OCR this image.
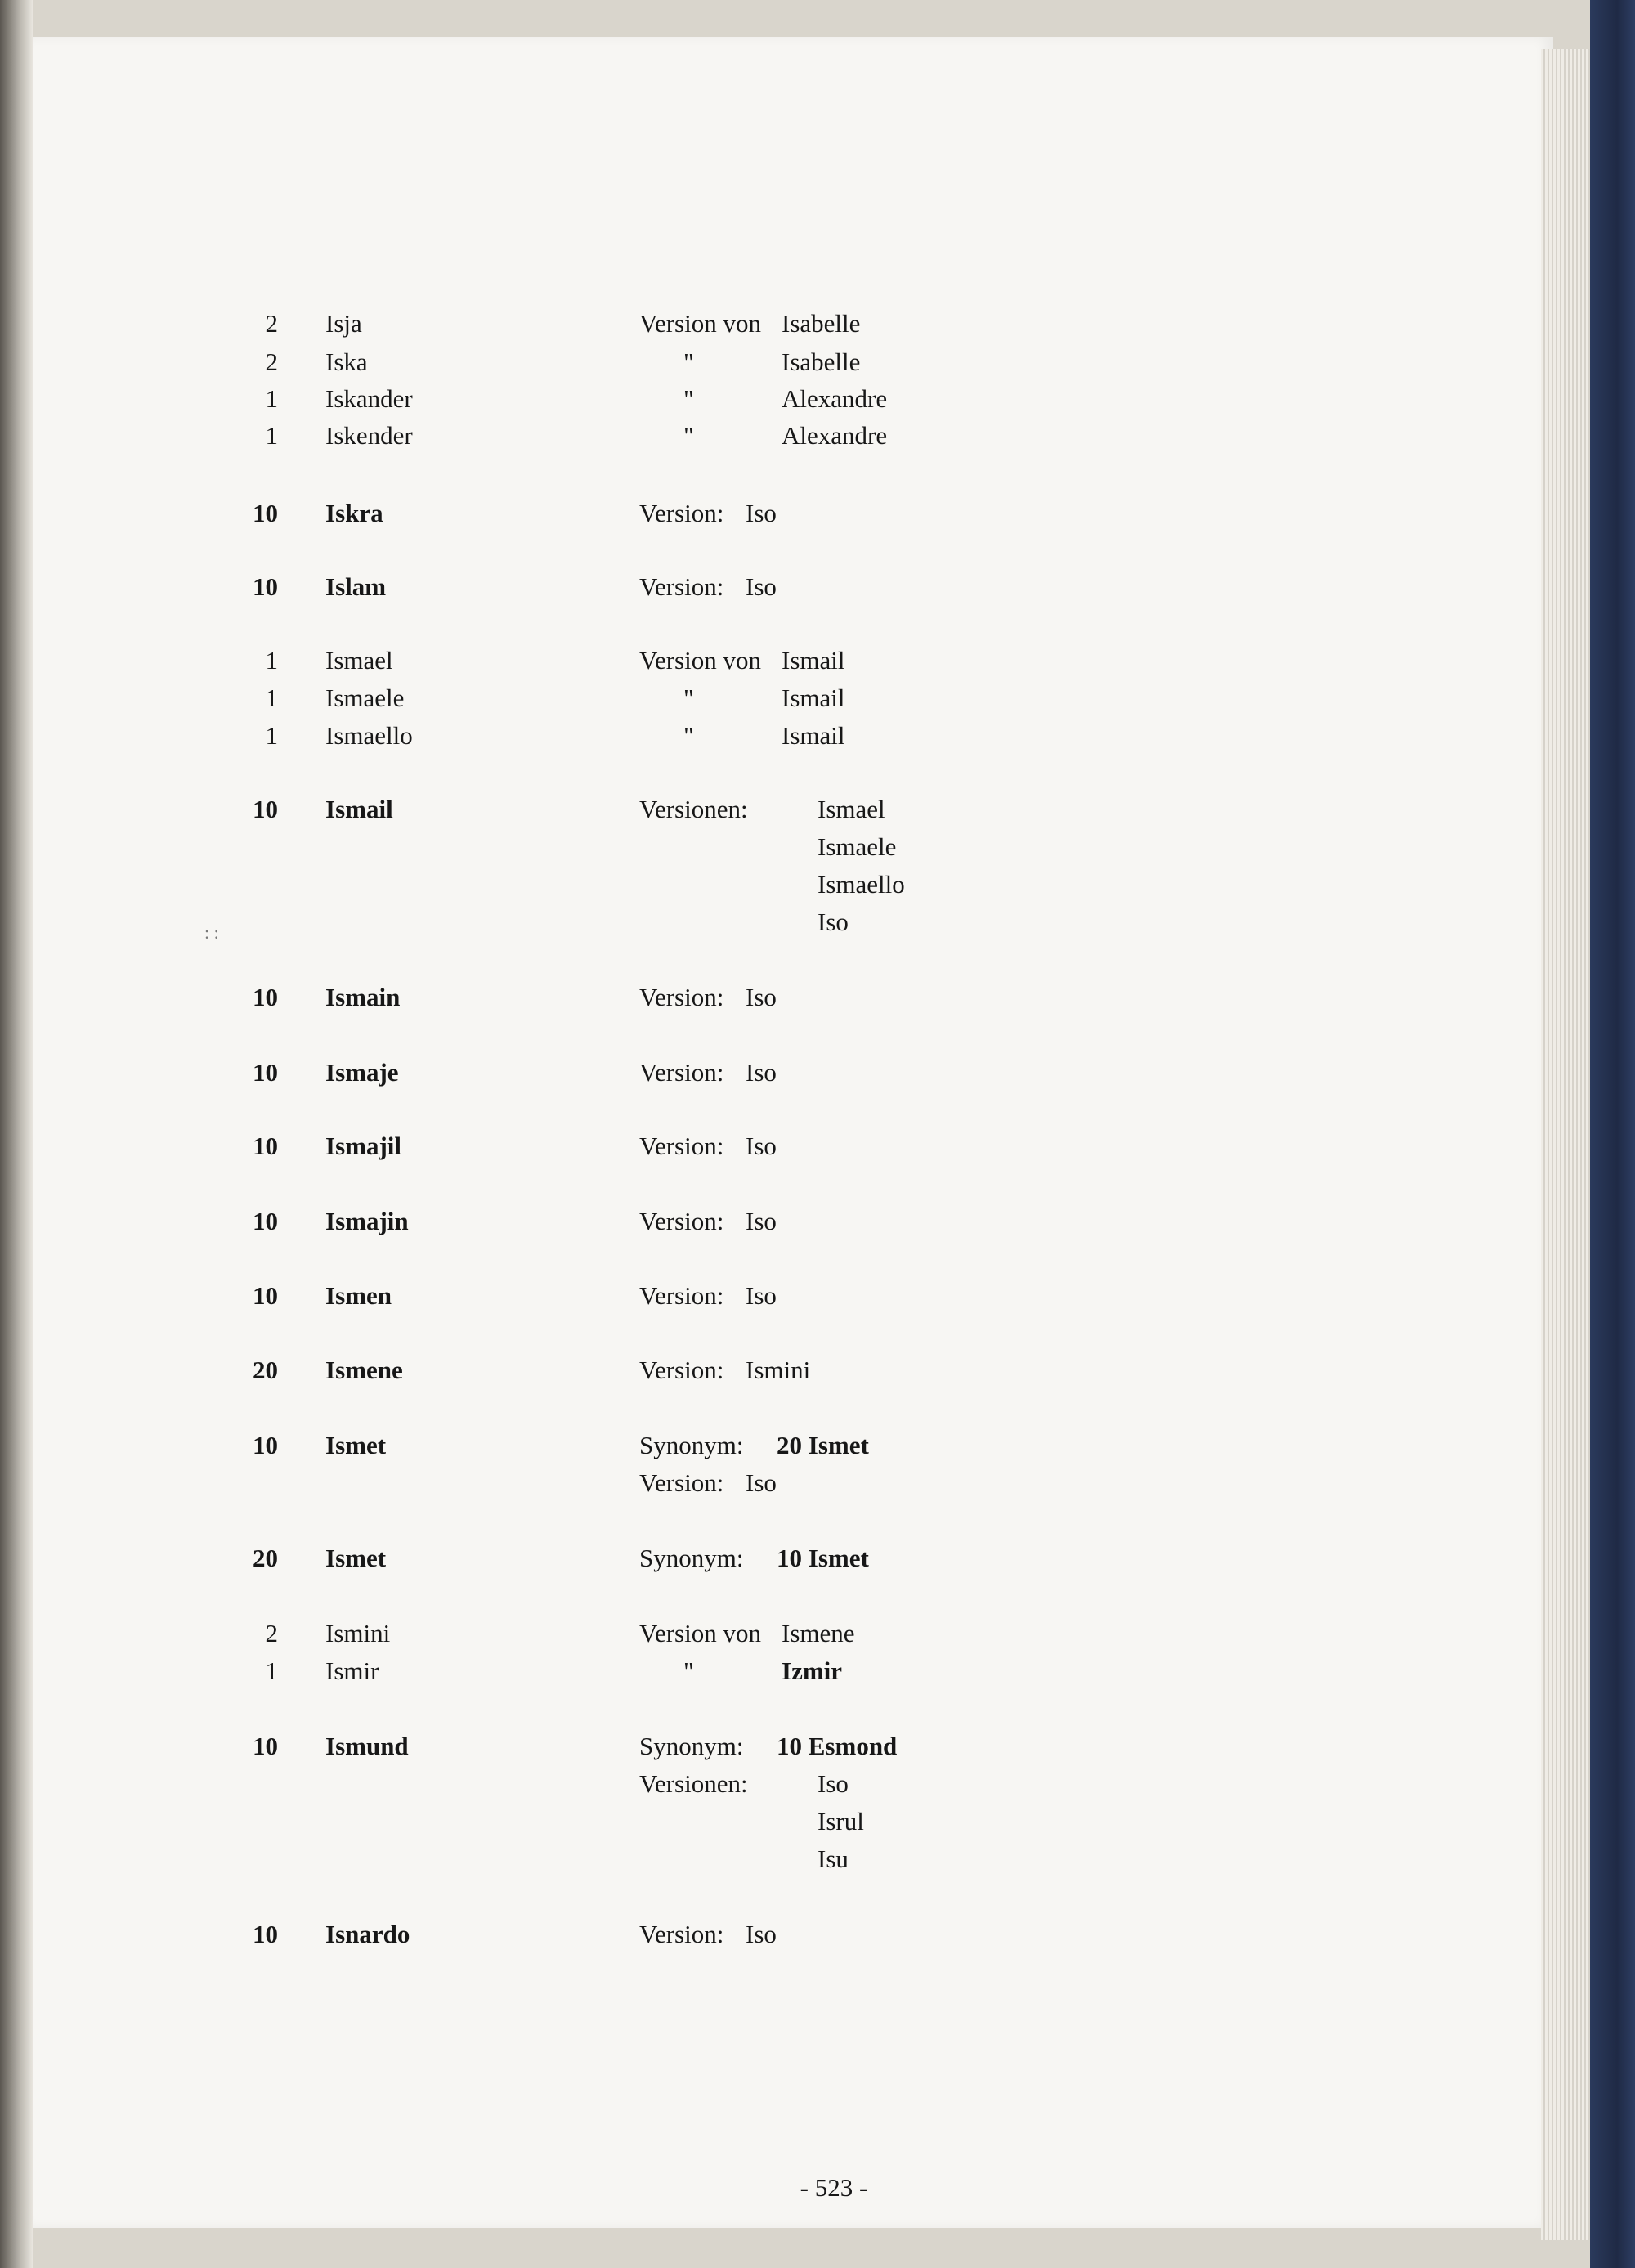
: :
2 Isja	Version von Isabelle
2 Iska	"	Isabelle
1 Iskander	"	Alexandre
1 Iskender	"	Alexandre
10 Iskra	Version: Iso
10 Islam	Version: Iso
1 Ismael	Version von Ismail
1 Ismaele	"	Ismail
1 Ismaello	"	Ismail
10 Ismail	Versionen:	Ismael
Ismaele
Ismaello
Iso
10 Ismain	Version: Iso
10 Ismaje	Version: Iso
10 Ismajil	Version: Iso
10 Ismajin	Version: Iso
10 Ismen	Version: Iso
20 Ismene	Version: Ismini
10 Ismet	Synonym: 20 Ismet
Version: Iso
20 Ismet	Synonym: 10 Ismet
2 Ismini	Version von Ismene
1 Ismir	"	Izmir
10 Ismund	Synonym: 10 Esmond
Versionen:	Iso
Isrul
Isu
10 Isnardo	Version: Iso
- 523 -
